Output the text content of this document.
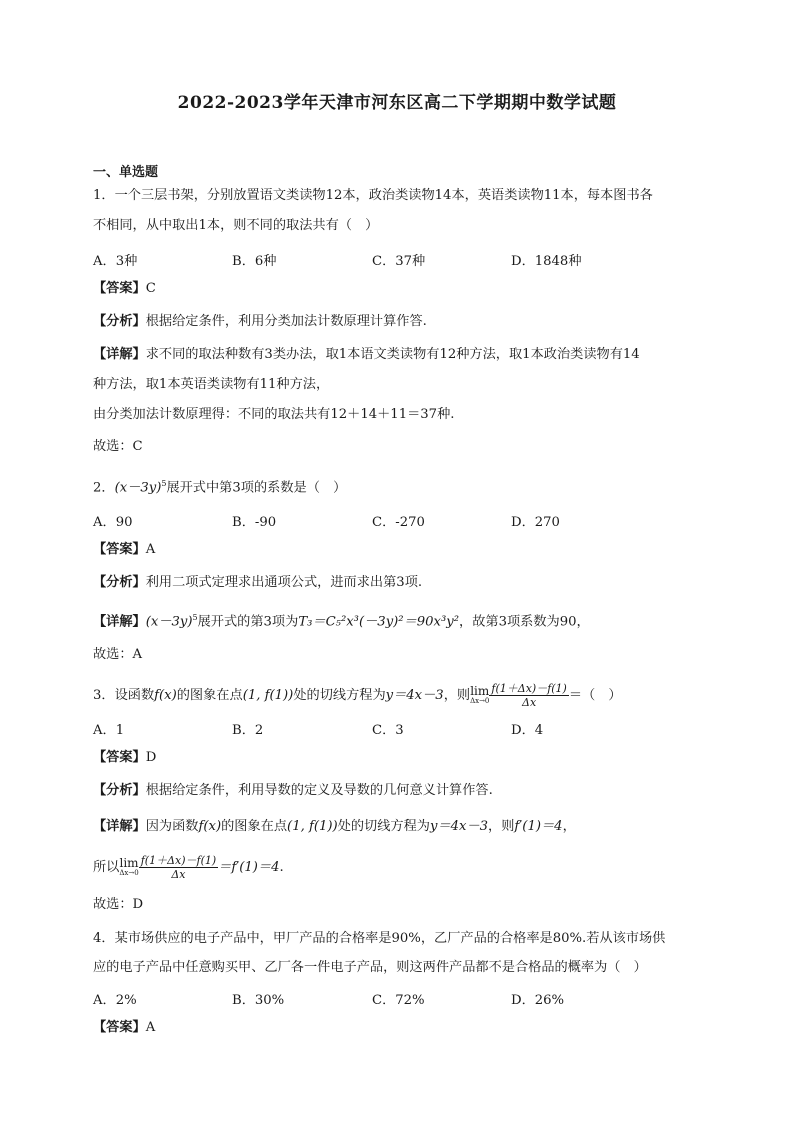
2022-2023学年天津市河东区高二下学期期中数学试题
一、单选题
1．一个三层书架，分别放置语文类读物12本，政治类读物14本，英语类读物11本，每本图书各
不相同，从中取出1本，则不同的取法共有（　）
A．3种	B．6种	C．37种	D．1848种
【答案】C
【分析】根据给定条件，利用分类加法计数原理计算作答.
【详解】求不同的取法种数有3类办法，取1本语文类读物有12种方法，取1本政治类读物有14
种方法，取1本英语类读物有11种方法，
由分类加法计数原理得：不同的取法共有12＋14＋11＝37种.
故选：C
2．$(x-3y)^5$展开式中第3项的系数是（　）
A．90	B．-90	C．-270	D．270
【答案】A
【分析】利用二项式定理求出通项公式，进而求出第3项.
【详解】$(x-3y)^5$展开式的第3项为T₃＝C₅²x³(－3y)²＝90x³y²，故第3项系数为90，
故选：A
3．设函数f(x)的图象在点(1, f(1))处的切线方程为y＝4x－3，则lim
$\Delta x\to 0 \frac{f(1+\Delta x)-f(1)}{\Delta x}$ ＝（　）
A．1	B．2	C．3	D．4
【答案】D
【分析】根据给定条件，利用导数的定义及导数的几何意义计算作答.
【详解】因为函数f(x)的图象在点(1, f(1))处的切线方程为y＝4x－3，则f′(1)＝4，
所以lim
$\Delta x\to 0 \frac{f(1+\Delta x)-f(1)}{\Delta x} =f'(1)=4$.
故选：D
4．某市场供应的电子产品中，甲厂产品的合格率是90%，乙厂产品的合格率是80%.若从该市场供
应的电子产品中任意购买甲、乙厂各一件电子产品，则这两件产品都不是合格品的概率为（　）
A．2%	B．30%	C．72%	D．26%
【答案】A
